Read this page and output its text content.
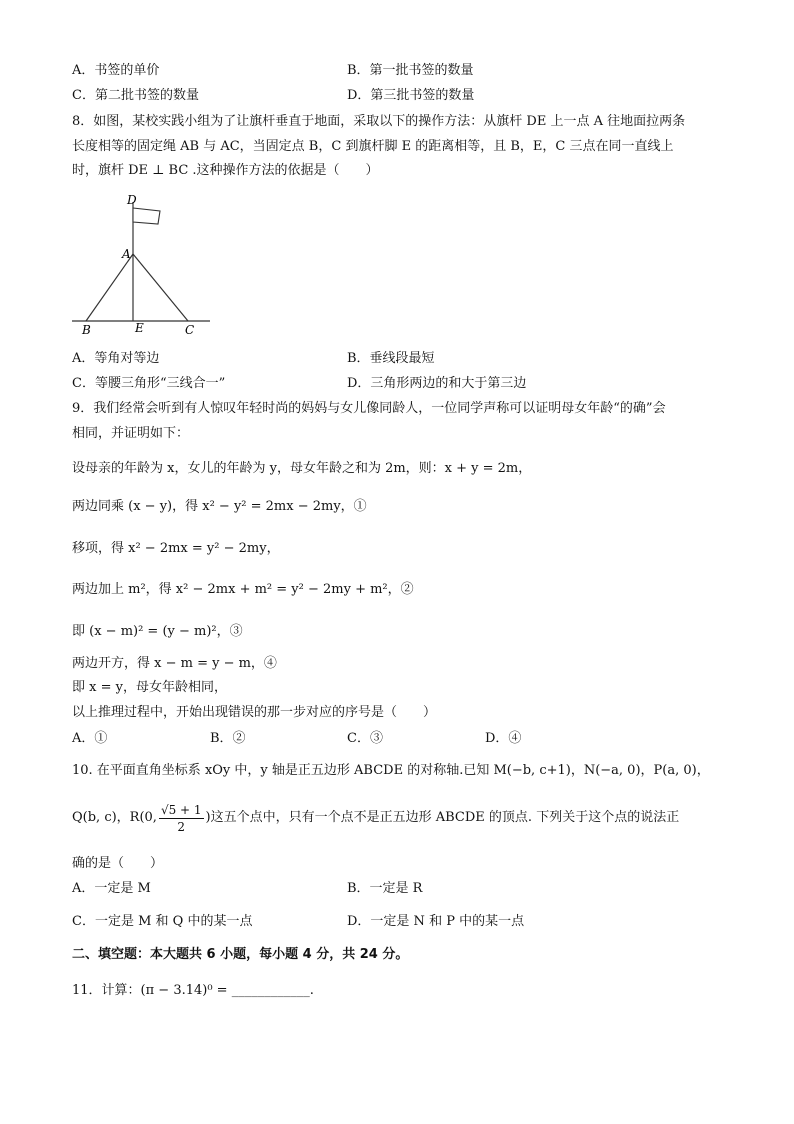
A．书签的单价	B．第一批书签的数量
C．第二批书签的数量	D．第三批书签的数量
8．如图，某校实践小组为了让旗杆垂直于地面，采取以下的操作方法：从旗杆 DE 上一点 A 往地面拉两条
长度相等的固定绳 AB 与 AC，当固定点 B，C 到旗杆脚 E 的距离相等，且 B，E，C 三点在同一直线上
时，旗杆 DE ⊥ BC .这种操作方法的依据是（　　）
D
A
B	E	C
A．等角对等边	B．垂线段最短
C．等腰三角形“三线合一”	D．三角形两边的和大于第三边
9．我们经常会听到有人惊叹年轻时尚的妈妈与女儿像同龄人，一位同学声称可以证明母女年龄“的确”会
相同，并证明如下：
设母亲的年龄为 x，女儿的年龄为 y，母女年龄之和为 2m，则：x + y = 2m，
两边同乘 (x − y)，得 x² − y² = 2mx − 2my，①
移项，得 x² − 2mx = y² − 2my，
两边加上 m²，得 x² − 2mx + m² = y² − 2my + m²，②
即 (x − m)² = (y − m)²，③
两边开方，得 x − m = y − m，④
即 x = y，母女年龄相同，
以上推理过程中，开始出现错误的那一步对应的序号是（　　）
A．①	B．②	C．③	D．④
10. 在平面直角坐标系 xOy 中，y 轴是正五边形 ABCDE 的对称轴.已知 M(−b, c+1)，N(−a, 0)，P(a, 0)，
Q(b, c)，R(0, $\frac{√5 + 1}{2}$ )这五个点中，只有一个点不是正五边形 ABCDE 的顶点. 下列关于这个点的说法正
确的是（　　）
A．一定是 M	B．一定是 R
C．一定是 M 和 Q 中的某一点	D．一定是 N 和 P 中的某一点
二、填空题：本大题共 6 小题，每小题 4 分，共 24 分。
11．计算：(π − 3.14)⁰ = ____________.
